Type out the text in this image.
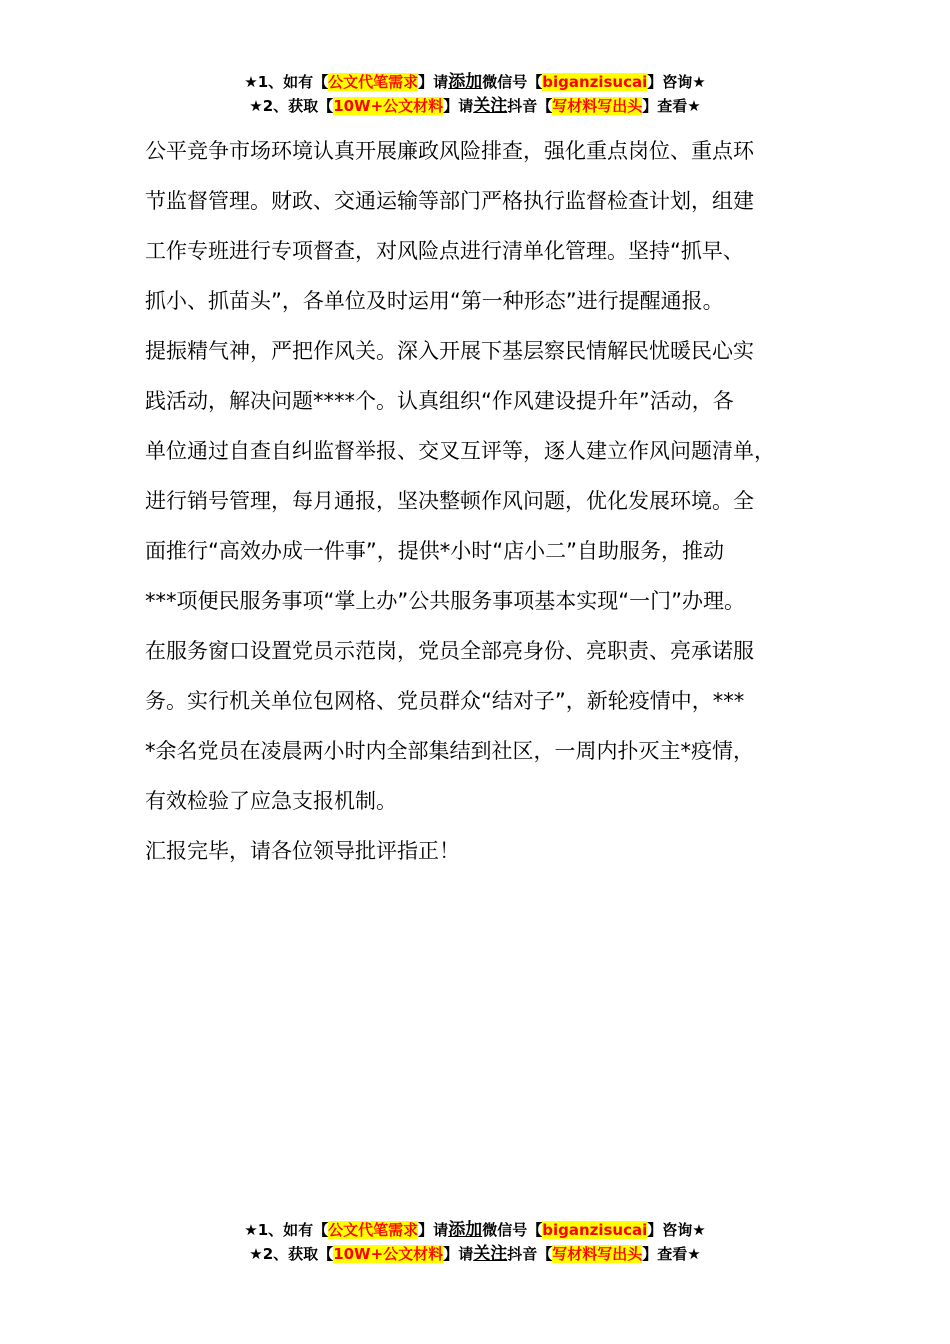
★1、如有【公文代笔需求】请添加微信号【biganzisucai】咨询★
★2、获取【10W+公文材料】请关注抖音【写材料写出头】查看★

公平竞争市场环境认真开展廉政风险排查，强化重点岗位、重点环

节监督管理。财政、交通运输等部门严格执行监督检查计划，组建

工作专班进行专项督查，对风险点进行清单化管理。坚持“抓早、

抓小、抓苗头”，各单位及时运用“第一种形态”进行提醒通报。

提振精气神，严把作风关。深入开展下基层察民情解民忧暖民心实

践活动，解决问题****个。认真组织“作风建设提升年”活动，各

单位通过自查自纠监督举报、交叉互评等，逐人建立作风问题清单，

进行销号管理，每月通报，坚决整顿作风问题，优化发展环境。全

面推行“高效办成一件事”，提供*小时“店小二”自助服务，推动

***项便民服务事项“掌上办”公共服务事项基本实现“一门”办理。

在服务窗口设置党员示范岗，党员全部亮身份、亮职责、亮承诺服

务。实行机关单位包网格、党员群众“结对子”，新轮疫情中，***

*余名党员在凌晨两小时内全部集结到社区，一周内扑灭主*疫情，

有效检验了应急支报机制。

汇报完毕，请各位领导批评指正！

★1、如有【公文代笔需求】请添加微信号【biganzisucai】咨询★
★2、获取【10W+公文材料】请关注抖音【写材料写出头】查看★
